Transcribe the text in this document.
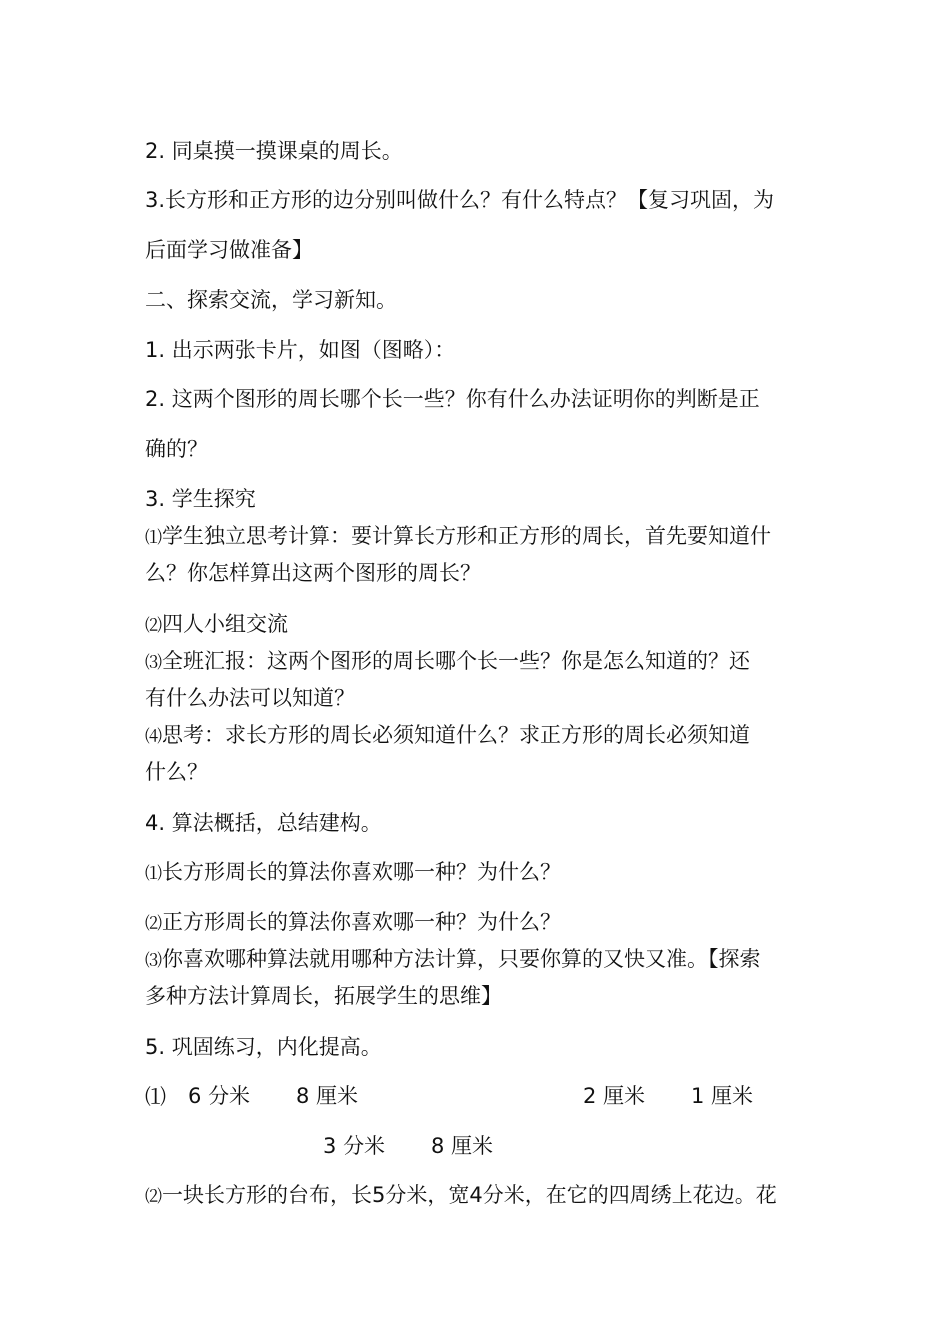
2. 同桌摸一摸课桌的周长。
3.长方形和正方形的边分别叫做什么？有什么特点？【复习巩固，为
后面学习做准备】
二、探索交流，学习新知。
1. 出示两张卡片，如图（图略）：
2. 这两个图形的周长哪个长一些？你有什么办法证明你的判断是正
确的？
3. 学生探究
⑴学生独立思考计算：要计算长方形和正方形的周长，首先要知道什
么？你怎样算出这两个图形的周长？
⑵四人小组交流
⑶全班汇报：这两个图形的周长哪个长一些？你是怎么知道的？还
有什么办法可以知道？
⑷思考：求长方形的周长必须知道什么？求正方形的周长必须知道
什么？
4. 算法概括，总结建构。
⑴长方形周长的算法你喜欢哪一种？为什么？
⑵正方形周长的算法你喜欢哪一种？为什么？
⑶你喜欢哪种算法就用哪种方法计算，只要你算的又快又准。【探索
多种方法计算周长，拓展学生的思维】
5. 巩固练习，内化提高。
⑴ 6 分米 8 厘米	2 厘米 1 厘米
3 分米 8 厘米
⑵一块长方形的台布，长5分米，宽4分米，在它的四周绣上花边。花
